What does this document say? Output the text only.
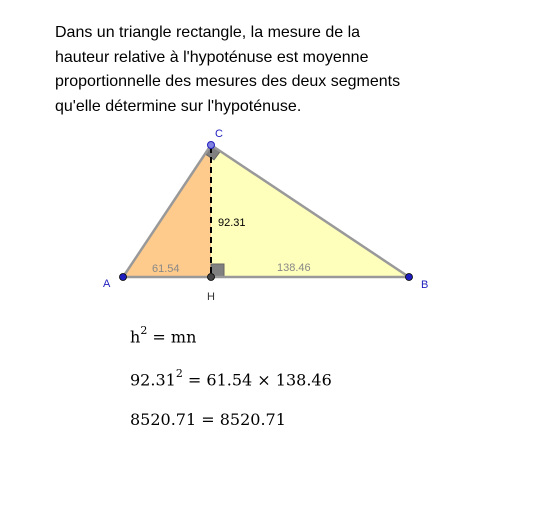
Dans un triangle rectangle, la mesure de la
hauteur relative à l'hypoténuse est moyenne
proportionnelle des mesures des deux segments
qu'elle détermine sur l'hypoténuse.

A	B
C
H
92.31
61.54	138.46

$h^2$ = mn

$92.31^2 = 61.54 \times 138.46$

8520.71 = 8520.71
